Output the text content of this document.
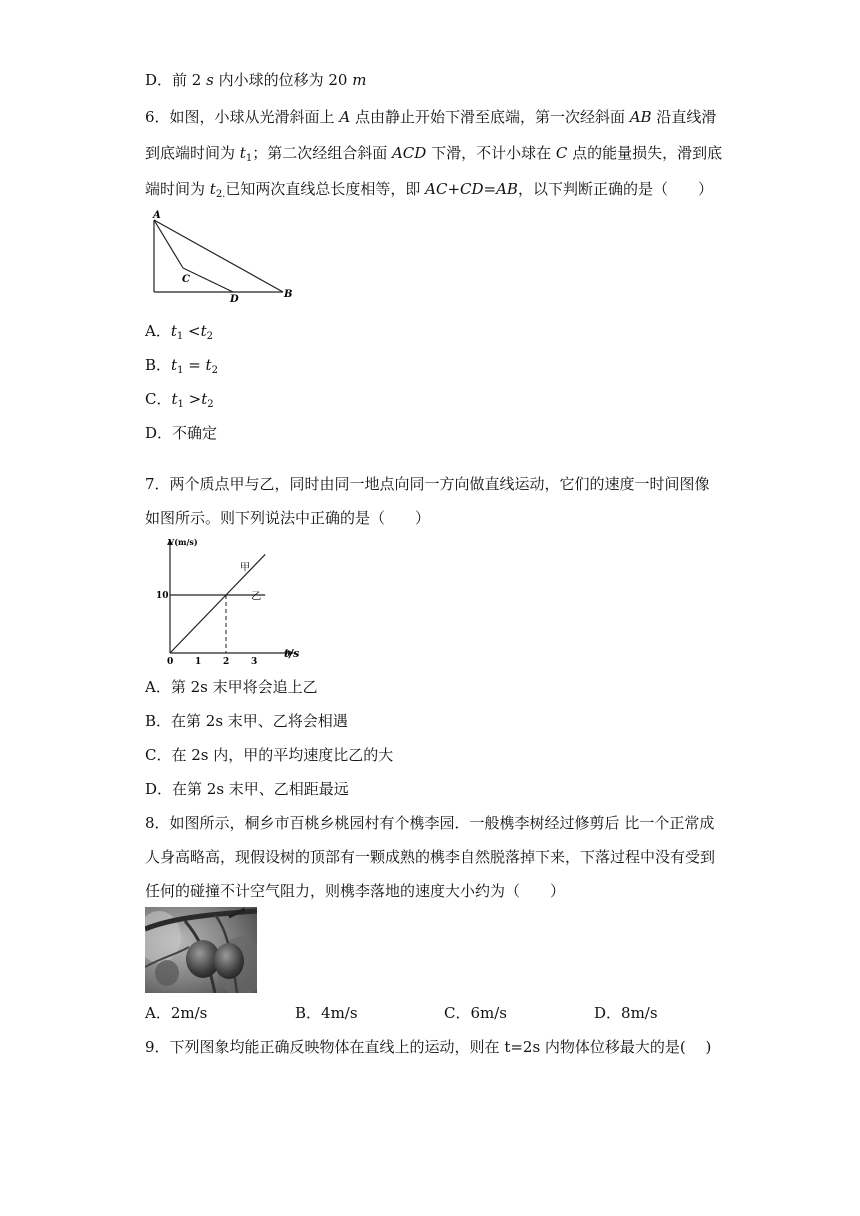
D．前 2 s 内小球的位移为 20 m
6．如图，小球从光滑斜面上 A 点由静止开始下滑至底端，第一次经斜面 AB 沿直线滑
到底端时间为 $t_1$；第二次经组合斜面 ACD 下滑，不计小球在 C 点的能量损失，滑到底
端时间为 $t_{2.}$已知两次直线总长度相等，即 AC+CD=AB，以下判断正确的是（　　）
A
C
D	B
A．$t_1 <t_2$
B．$t_1 = t_2$
C．$t_1 >t_2$
D．不确定
7．两个质点甲与乙，同时由同一地点向同一方向做直线运动，它们的速度一时间图像
如图所示。则下列说法中正确的是（　　）
V(m/s)
t/s
0 1 2 3
10
甲
乙
A．第 2s 末甲将会追上乙
B．在第 2s 末甲、乙将会相遇
C．在 2s 内，甲的平均速度比乙的大
D．在第 2s 末甲、乙相距最远
8．如图所示，桐乡市百桃乡桃园村有个槜李园．一般槜李树经过修剪后 比一个正常成
人身高略高，现假设树的顶部有一颗成熟的槜李自然脱落掉下来，下落过程中没有受到
任何的碰撞不计空气阻力，则槜李落地的速度大小约为（　　）
A．2m/s	B．4m/s	C．6m/s	D．8m/s
9．下列图象均能正确反映物体在直线上的运动，则在 t=2s 内物体位移最大的是(　 )
